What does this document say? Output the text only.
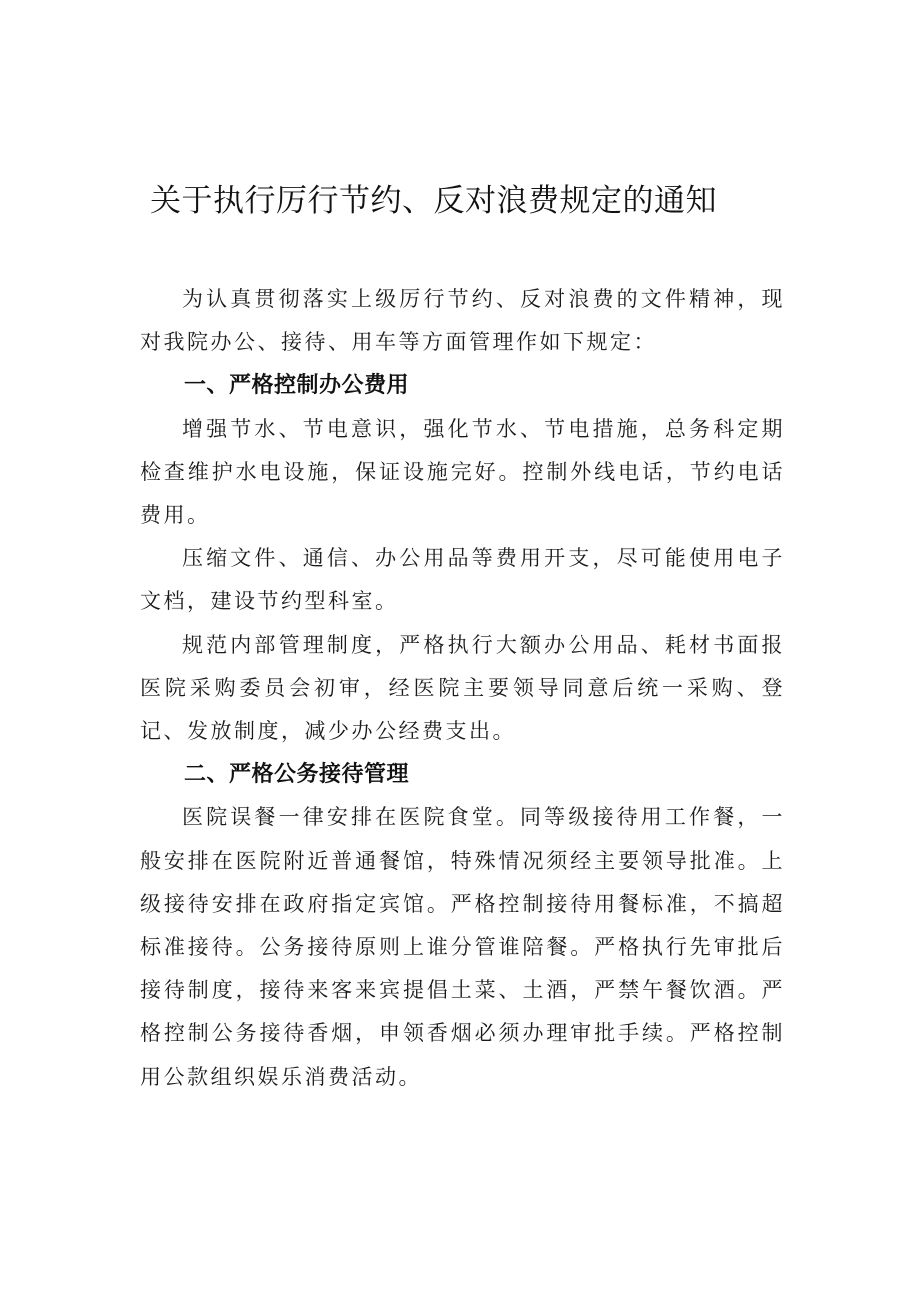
关于执行厉行节约、反对浪费规定的通知

为认真贯彻落实上级厉行节约、反对浪费的文件精神，现对我院办公、接待、用车等方面管理作如下规定：

一、严格控制办公费用

增强节水、节电意识，强化节水、节电措施，总务科定期检查维护水电设施，保证设施完好。控制外线电话，节约电话费用。

压缩文件、通信、办公用品等费用开支，尽可能使用电子文档，建设节约型科室。

规范内部管理制度，严格执行大额办公用品、耗材书面报医院采购委员会初审，经医院主要领导同意后统一采购、登记、发放制度，减少办公经费支出。

二、严格公务接待管理

医院误餐一律安排在医院食堂。同等级接待用工作餐，一般安排在医院附近普通餐馆，特殊情况须经主要领导批准。上级接待安排在政府指定宾馆。严格控制接待用餐标准，不搞超标准接待。公务接待原则上谁分管谁陪餐。严格执行先审批后接待制度，接待来客来宾提倡土菜、土酒，严禁午餐饮酒。严格控制公务接待香烟，申领香烟必须办理审批手续。严格控制用公款组织娱乐消费活动。
